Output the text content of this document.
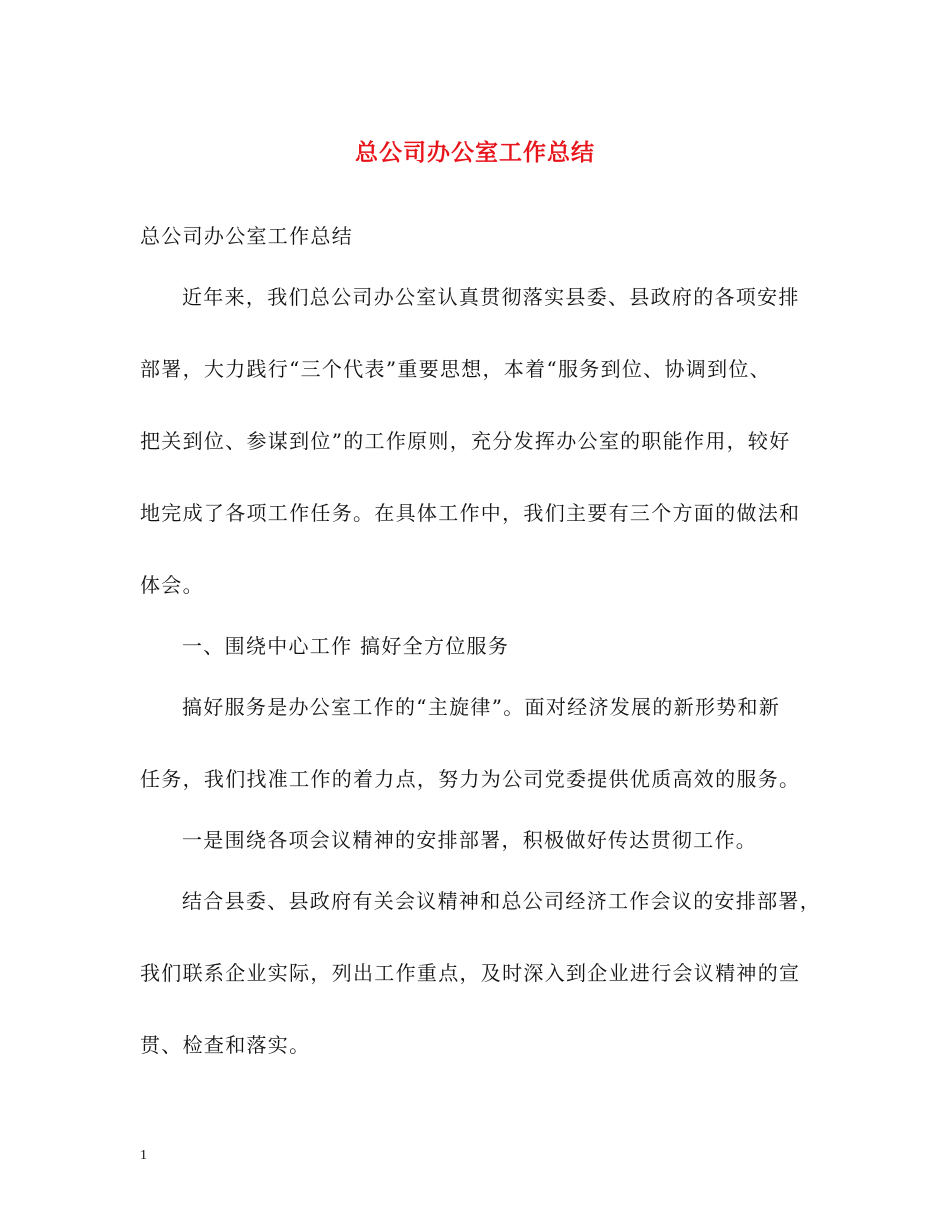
总公司办公室工作总结
总公司办公室工作总结
近年来，我们总公司办公室认真贯彻落实县委、县政府的各项安排
部署，大力践行“三个代表”重要思想，本着“服务到位、协调到位、
把关到位、参谋到位”的工作原则，充分发挥办公室的职能作用，较好
地完成了各项工作任务。在具体工作中，我们主要有三个方面的做法和
体会。
一、围绕中心工作 搞好全方位服务
搞好服务是办公室工作的“主旋律”。面对经济发展的新形势和新
任务，我们找准工作的着力点，努力为公司党委提供优质高效的服务。
一是围绕各项会议精神的安排部署，积极做好传达贯彻工作。
结合县委、县政府有关会议精神和总公司经济工作会议的安排部署，
我们联系企业实际，列出工作重点，及时深入到企业进行会议精神的宣
贯、检查和落实。
1
